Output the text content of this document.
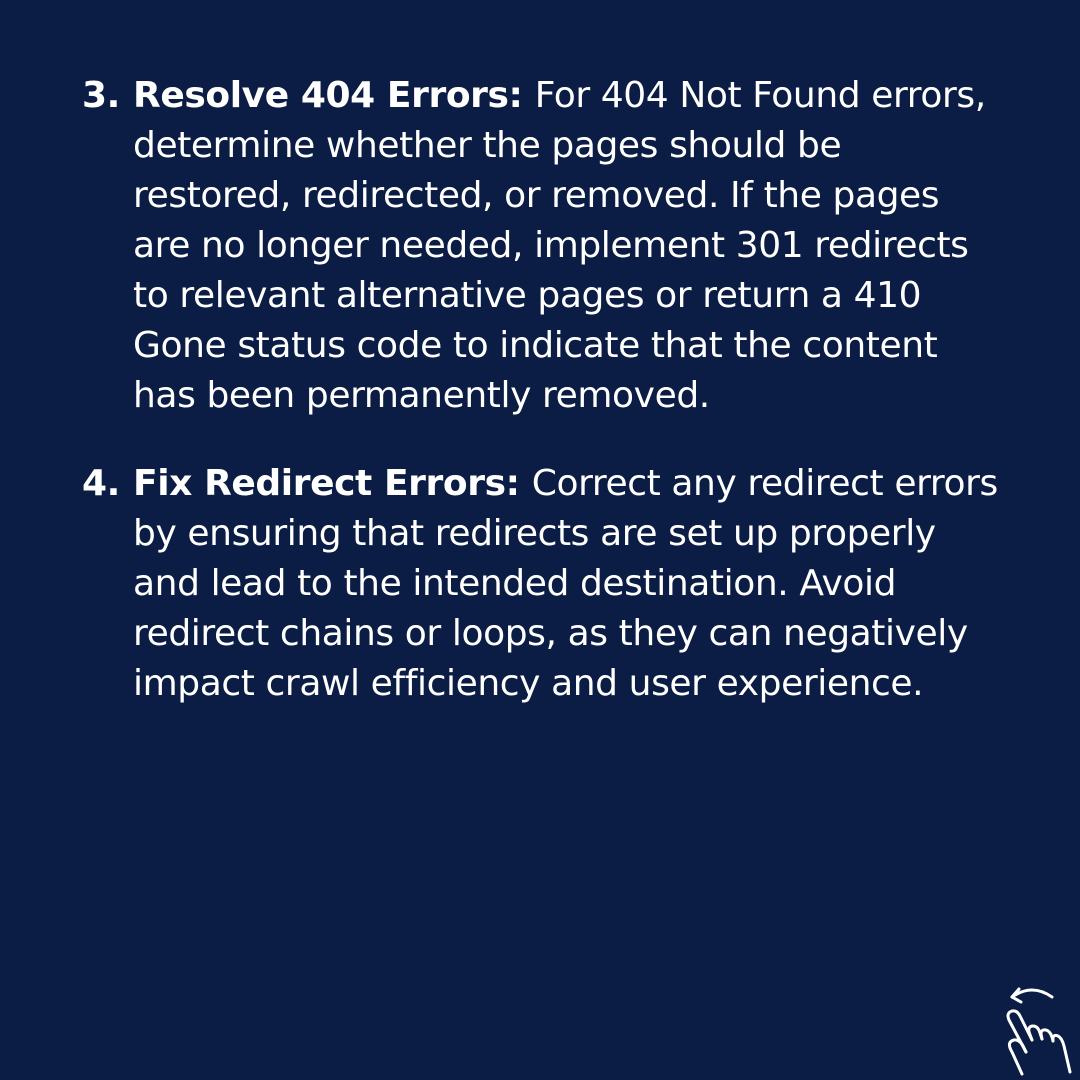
3. Resolve 404 Errors: For 404 Not Found errors, determine whether the pages should be restored, redirected, or removed. If the pages are no longer needed, implement 301 redirects to relevant alternative pages or return a 410 Gone status code to indicate that the content has been permanently removed.
4. Fix Redirect Errors: Correct any redirect errors by ensuring that redirects are set up properly and lead to the intended destination. Avoid redirect chains or loops, as they can negatively impact crawl efficiency and user experience.
